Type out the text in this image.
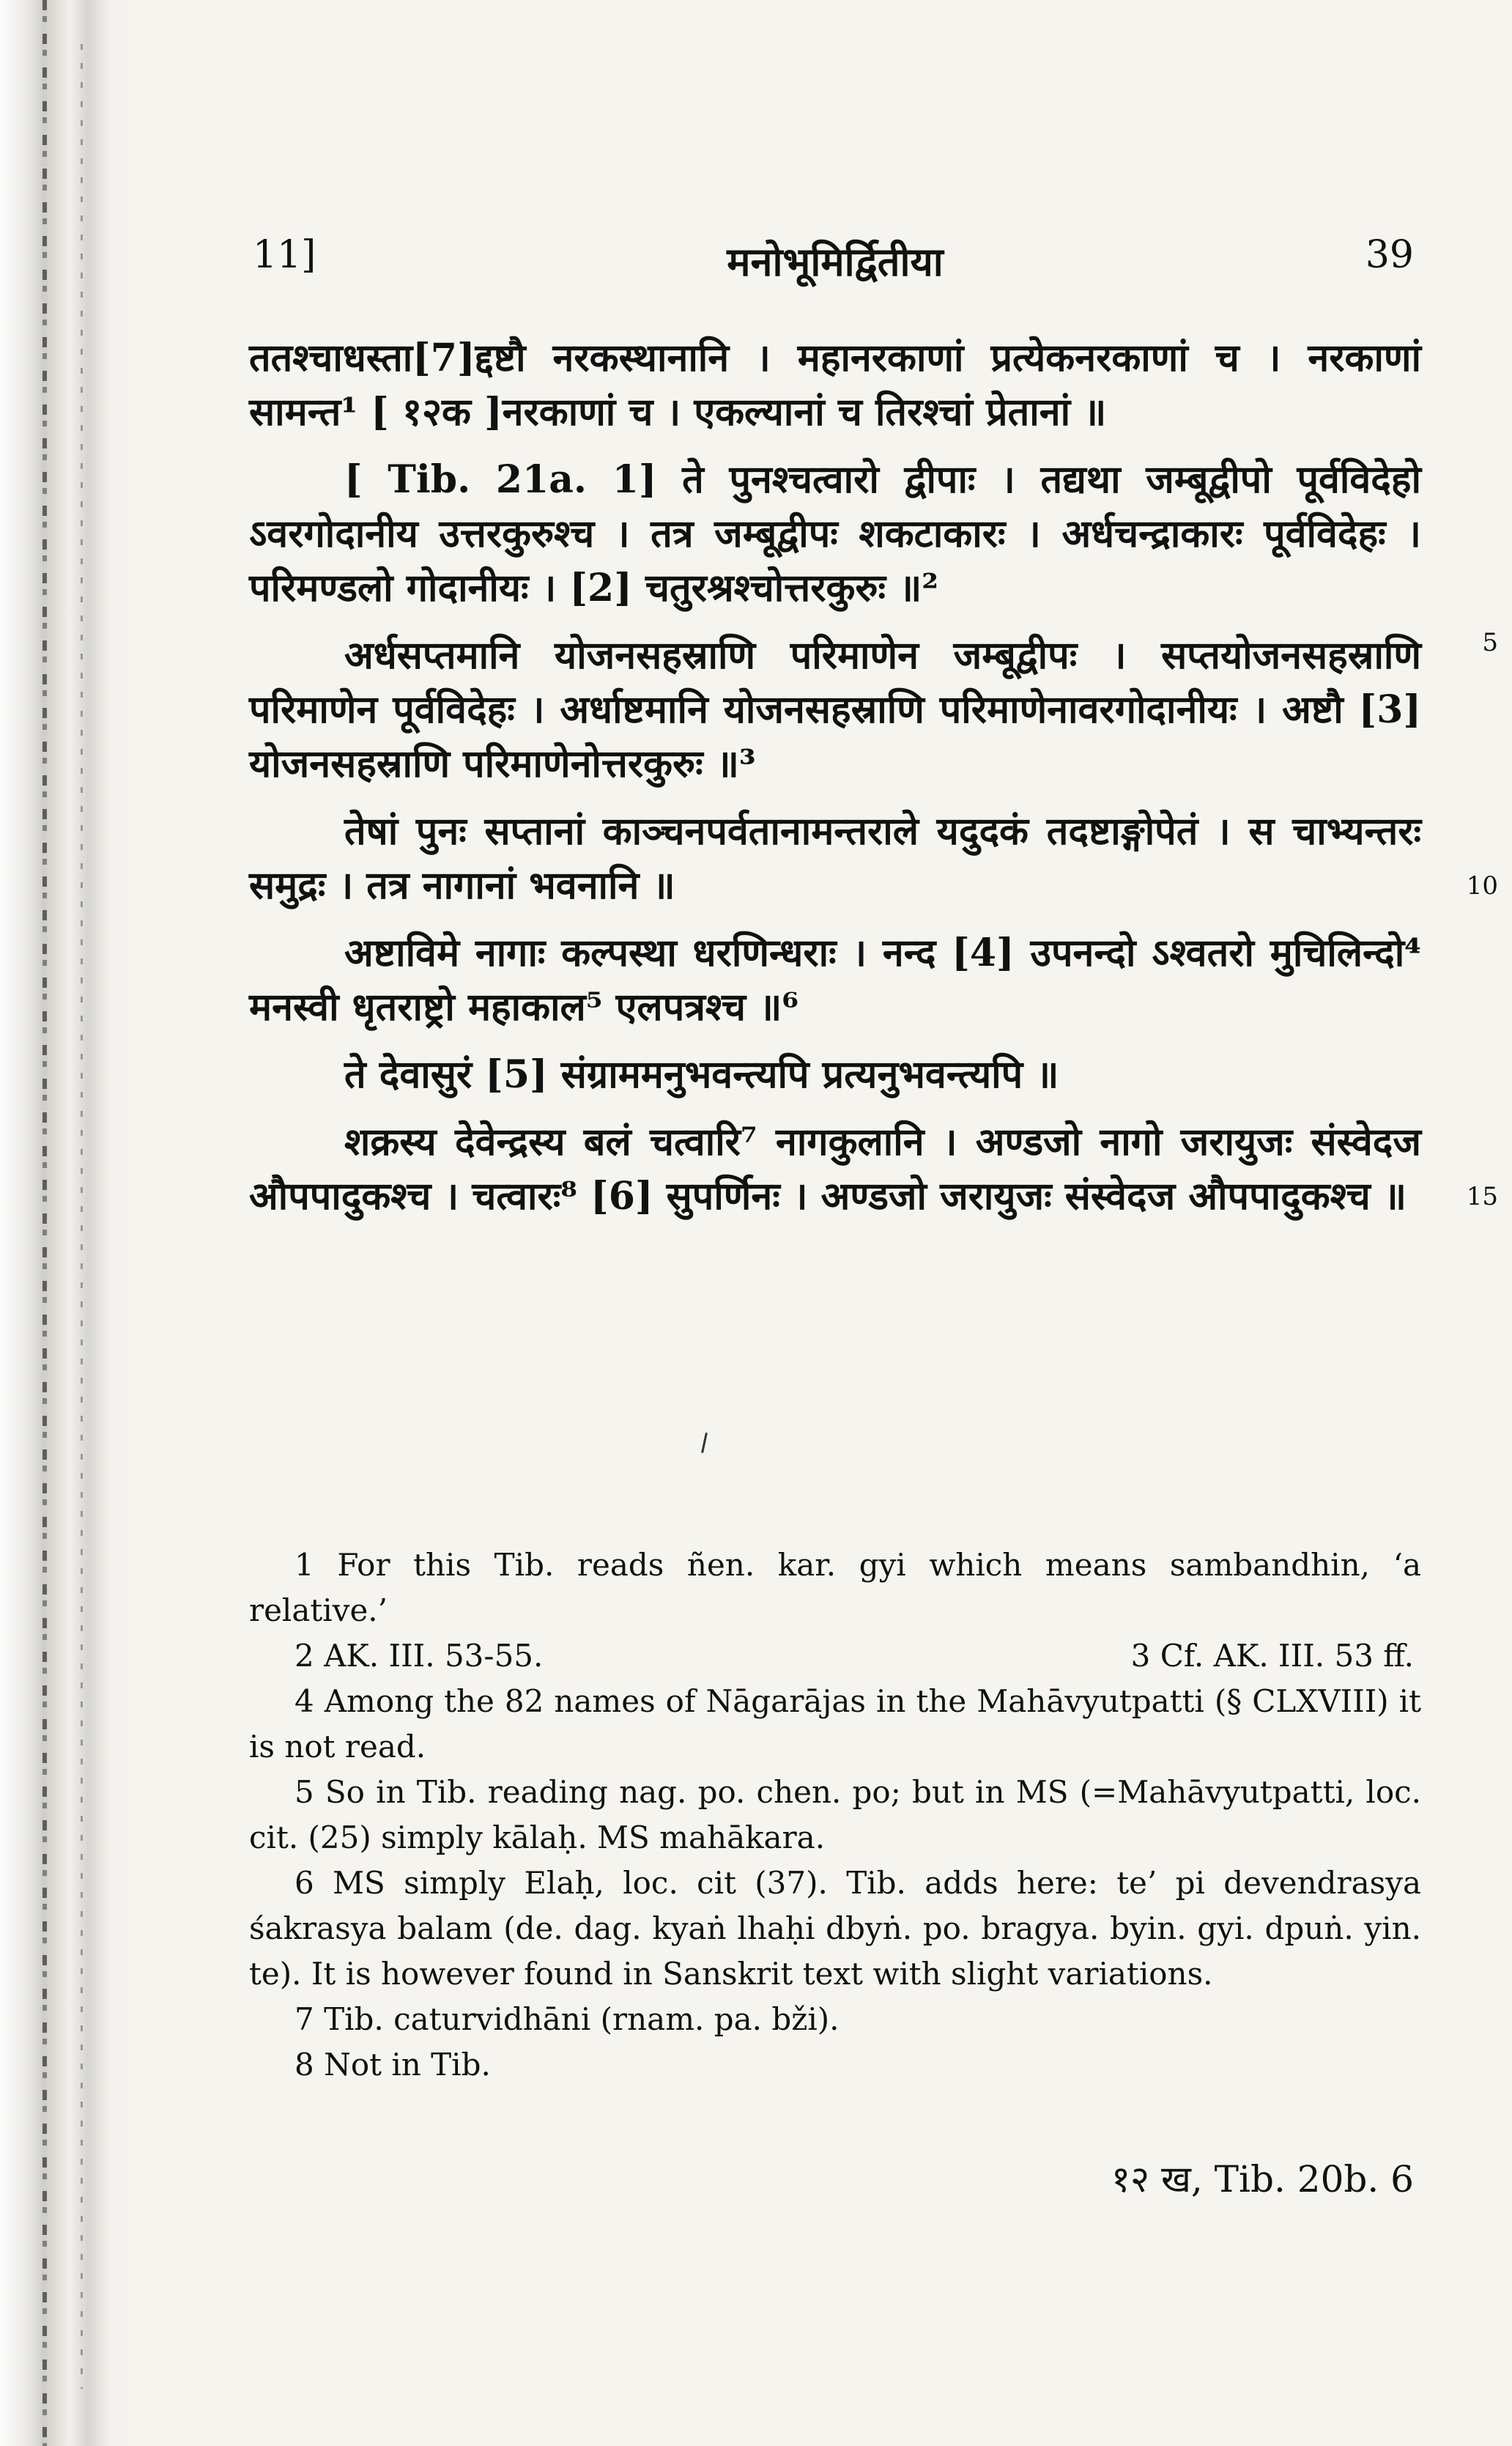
11]	मनोभूमिर्द्वितीया	39

ततश्चाधस्ता[7]द्दष्टौ नरकस्थानानि । महानरकाणां प्रत्येकनरकाणां च । नरकाणां सामन्त¹ [ १२क ]नरकाणां च । एकल्यानां च तिरश्चां प्रेतानां ॥

[ Tib. 21a. 1] ते पुनश्चत्वारो द्वीपाः । तद्यथा जम्बूद्वीपो पूर्वविदेहो ऽवरगोदानीय उत्तरकुरुश्च । तत्र जम्बूद्वीपः शकटाकारः । अर्धचन्द्राकारः पूर्वविदेहः । परिमण्डलो गोदानीयः । [2] चतुरश्रश्चोत्तरकुरुः ॥²
5

अर्धसप्तमानि योजनसहस्राणि परिमाणेन जम्बूद्वीपः । सप्तयोजनसहस्राणि परिमाणेन पूर्वविदेहः । अर्धाष्टमानि योजनसहस्राणि परिमाणेनावरगोदानीयः । अष्टौ [3] योजनसहस्राणि परिमाणेनोत्तरकुरुः ॥³

तेषां पुनः सप्तानां काञ्चनपर्वतानामन्तराले यदुदकं तदष्टाङ्गोपेतं । स चाभ्यन्तरः समुद्रः । तत्र नागानां भवनानि ॥	10

अष्टाविमे नागाः कल्पस्था धरणिन्धराः । नन्द [4] उपनन्दो ऽश्वतरो मुचिलिन्दो⁴ मनस्वी धृतराष्ट्रो महाकाल⁵ एलपत्रश्च ॥⁶

ते देवासुरं [5] संग्राममनुभवन्त्यपि प्रत्यनुभवन्त्यपि ॥

शक्रस्य देवेन्द्रस्य बलं चत्वारि⁷ नागकुलानि । अण्डजो नागो जरायुजः संस्वेदज औपपादुकश्च । चत्वारः⁸ [6] सुपर्णिनः । अण्डजो जरायुजः संस्वेदज औपपादुकश्च ॥	15

1 For this Tib. reads ñen. kar. gyi which means sambandhin, ‘a relative.’

2 AK. III. 53-55.	3 Cf. AK. III. 53 ff.

4 Among the 82 names of Nāgarājas in the Mahāvyutpatti (§ CLXVIII) it is not read.

5 So in Tib. reading nag. po. chen. po; but in MS (=Mahāvyutpatti, loc. cit. (25) simply kālaḥ. MS mahākara.

6 MS simply Elaḥ, loc. cit (37). Tib. adds here: te’ pi devendrasya śakrasya balam (de. dag. kyaṅ lhaḥi dbyṅ. po. bragya. byin. gyi. dpuṅ. yin. te). It is however found in Sanskrit text with slight variations.

7 Tib. caturvidhāni (rnam. pa. bži).

8 Not in Tib.

१२ ख, Tib. 20b. 6
